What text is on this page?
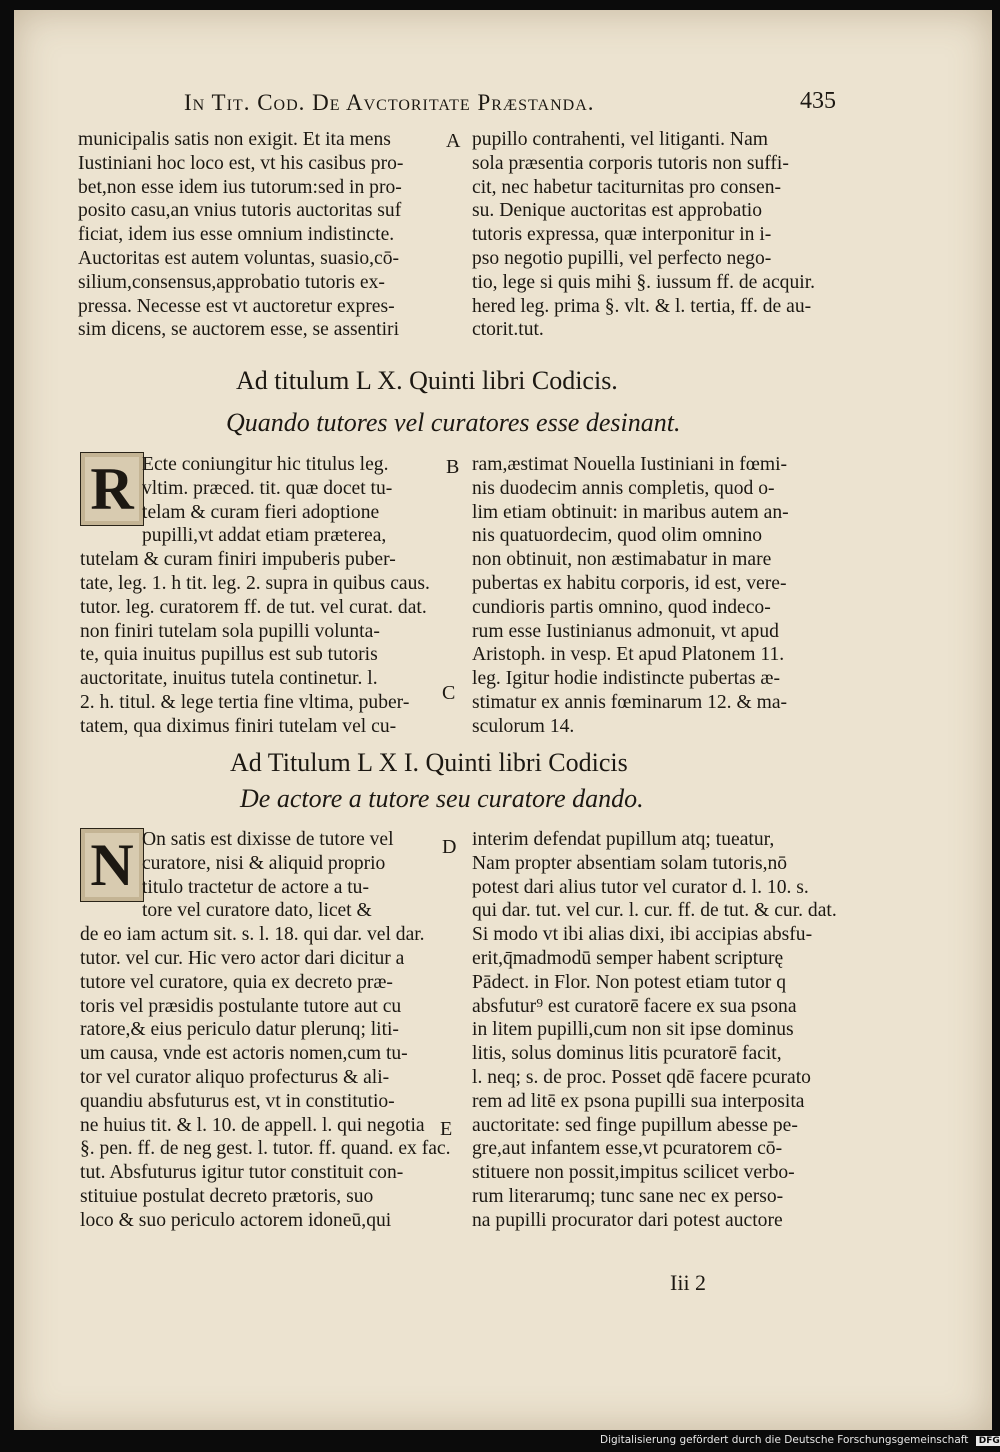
In Tit. Cod. De Avctoritate Præstanda.	435
municipalis satis non exigit. Et ita mens
Iustiniani hoc loco est, vt his casibus pro-
bet,non esse idem ius tutorum:sed in pro-
posito casu,an vnius tutoris auctoritas suf
ficiat, idem ius esse omnium indistincte.
Auctoritas est autem voluntas, suasio,cō-
silium,consensus,approbatio tutoris ex-
pressa. Necesse est vt auctoretur expres-
sim dicens, se auctorem esse, se assentiri
pupillo contrahenti, vel litiganti. Nam
sola præsentia corporis tutoris non suffi-
cit, nec habetur taciturnitas pro consen-
su. Denique auctoritas est approbatio
tutoris expressa, quæ interponitur in i-
pso negotio pupilli, vel perfecto nego-
tio, lege si quis mihi §. iussum ff. de acquir.
hered leg. prima §. vlt. & l. tertia, ff. de au-
ctorit.tut.
A
Ad titulum L X. Quinti libri Codicis.
Quando tutores vel curatores esse desinant.
R Ecte coniungitur hic titulus leg.
vltim. præced. tit. quæ docet tu-
telam & curam fieri adoptione
pupilli,vt addat etiam præterea,
tutelam & curam finiri impuberis puber-
tate, leg. 1. h tit. leg. 2. supra in quibus caus.
tutor. leg. curatorem ff. de tut. vel curat. dat.
non finiri tutelam sola pupilli volunta-
te, quia inuitus pupillus est sub tutoris
auctoritate, inuitus tutela continetur. l.
2. h. titul. & lege tertia fine vltima, puber-
tatem, qua diximus finiri tutelam vel cu-
ram,æstimat Nouella Iustiniani in fœmi-
nis duodecim annis completis, quod o-
lim etiam obtinuit: in maribus autem an-
nis quatuordecim, quod olim omnino
non obtinuit, non æstimabatur in mare
pubertas ex habitu corporis, id est, vere-
cundioris partis omnino, quod indeco-
rum esse Iustinianus admonuit, vt apud
Aristoph. in vesp. Et apud Platonem 11.
leg. Igitur hodie indistincte pubertas æ-
stimatur ex annis fœminarum 12. & ma-
sculorum 14.
B
C
Ad Titulum L X I. Quinti libri Codicis
De actore a tutore seu curatore dando.
N On satis est dixisse de tutore vel
curatore, nisi & aliquid proprio
titulo tractetur de actore a tu-
tore vel curatore dato, licet &
de eo iam actum sit. s. l. 18. qui dar. vel dar.
tutor. vel cur. Hic vero actor dari dicitur a
tutore vel curatore, quia ex decreto præ-
toris vel præsidis postulante tutore aut cu
ratore,& eius periculo datur plerunq; liti-
um causa, vnde est actoris nomen,cum tu-
tor vel curator aliquo profecturus & ali-
quandiu absfuturus est, vt in constitutio-
ne huius tit. & l. 10. de appell. l. qui negotia
§. pen. ff. de neg gest. l. tutor. ff. quand. ex fac.
tut. Absfuturus igitur tutor constituit con-
stituiue postulat decreto prætoris, suo
loco & suo periculo actorem idoneū,qui
interim defendat pupillum atq; tueatur,
Nam propter absentiam solam tutoris,nō
potest dari alius tutor vel curator d. l. 10. s.
qui dar. tut. vel cur. l. cur. ff. de tut. & cur. dat.
Si modo vt ibi alias dixi, ibi accipias absfu-
erit,q̄madmodū semper habent scripturę
Pādect. in Flor. Non potest etiam tutor q
absfutur⁹ est curatorē facere ex sua psona
in litem pupilli,cum non sit ipse dominus
litis, solus dominus litis pcuratorē facit,
l. neq; s. de proc. Posset qdē facere pcurato
rem ad litē ex psona pupilli sua interposita
auctoritate: sed finge pupillum abesse pe-
gre,aut infantem esse,vt pcuratorem cō-
stituere non possit,impitus scilicet verbo-
rum literarumq; tunc sane nec ex perso-
na pupilli procurator dari potest auctore
D
E
Iii 2
Digitalisierung gefördert durch die Deutsche Forschungsgemeinschaft DFG
